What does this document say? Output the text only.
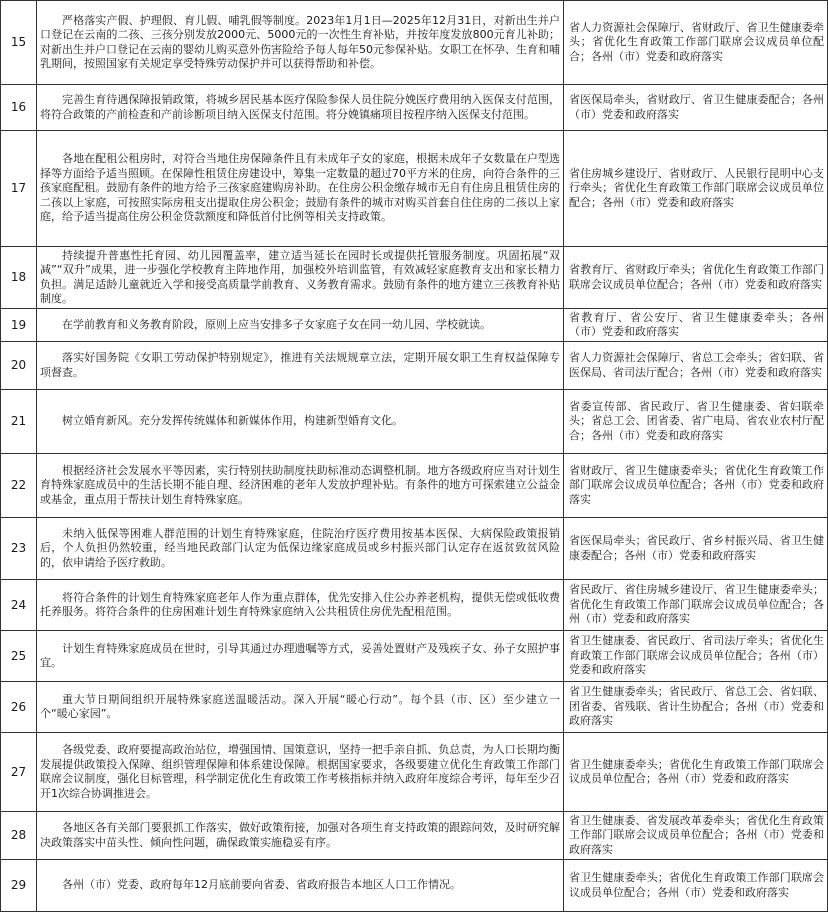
15	严格落实产假、护理假、育儿假、哺乳假等制度。2023年1月1日—2025年12月31日，对新出生并户口登记在云南的二孩、三孩分别发放2000元、5000元的一次性生育补贴，并按年度发放800元育儿补助；对新出生并户口登记在云南的婴幼儿购买意外伤害险给予每人每年50元参保补贴。女职工在怀孕、生育和哺乳期间，按照国家有关规定享受特殊劳动保护并可以获得帮助和补偿。	省人力资源社会保障厅、省财政厅、省卫生健康委牵头；省优化生育政策工作部门联席会议成员单位配合；各州（市）党委和政府落实
16	完善生育待遇保障报销政策，将城乡居民基本医疗保险参保人员住院分娩医疗费用纳入医保支付范围，将符合政策的产前检查和产前诊断项目纳入医保支付范围。将分娩镇痛项目按程序纳入医保支付范围。	省医保局牵头，省财政厅、省卫生健康委配合；各州（市）党委和政府落实
17	各地在配租公租房时，对符合当地住房保障条件且有未成年子女的家庭，根据未成年子女数量在户型选择等方面给予适当照顾。在保障性租赁住房建设中，筹集一定数量的超过70平方米的住房，向符合条件的三孩家庭配租。鼓励有条件的地方给予三孩家庭建购房补助。在住房公积金缴存城市无自有住房且租赁住房的二孩以上家庭，可按照实际房租支出提取住房公积金；鼓励有条件的城市对购买首套自住住房的二孩以上家庭，给予适当提高住房公积金贷款额度和降低首付比例等相关支持政策。	省住房城乡建设厅、省财政厅、人民银行昆明中心支行牵头；省优化生育政策工作部门联席会议成员单位配合；各州（市）党委和政府落实
18	持续提升普惠性托育园、幼儿园覆盖率，建立适当延长在园时长或提供托管服务制度。巩固拓展“双减”“双升”成果，进一步强化学校教育主阵地作用，加强校外培训监管，有效减轻家庭教育支出和家长精力负担。满足适龄儿童就近入学和接受高质量学前教育、义务教育需求。鼓励有条件的地方建立三孩教育补贴制度。	省教育厅、省财政厅牵头；省优化生育政策工作部门联席会议成员单位配合；各州（市）党委和政府落实
19	在学前教育和义务教育阶段，原则上应当安排多子女家庭子女在同一幼儿园、学校就读。	省教育厅、省公安厅、省卫生健康委牵头；各州（市）党委和政府落实
20	落实好国务院《女职工劳动保护特别规定》，推进有关法规规章立法，定期开展女职工生育权益保障专项督查。	省人力资源社会保障厅、省总工会牵头；省妇联、省医保局、省司法厅配合；各州（市）党委和政府落实
21	树立婚育新风。充分发挥传统媒体和新媒体作用，构建新型婚育文化。	省委宣传部、省民政厅、省卫生健康委、省妇联牵头；省总工会、团省委、省广电局、省农业农村厅配合；各州（市）党委和政府落实
22	根据经济社会发展水平等因素，实行特别扶助制度扶助标准动态调整机制。地方各级政府应当对计划生育特殊家庭成员中的生活长期不能自理、经济困难的老年人发放护理补贴。有条件的地方可探索建立公益金或基金，重点用于帮扶计划生育特殊家庭。	省财政厅、省卫生健康委牵头；省优化生育政策工作部门联席会议成员单位配合；各州（市）党委和政府落实
23	未纳入低保等困难人群范围的计划生育特殊家庭，住院治疗医疗费用按基本医保、大病保险政策报销后，个人负担仍然较重，经当地民政部门认定为低保边缘家庭成员或乡村振兴部门认定存在返贫致贫风险的，依申请给予医疗救助。	省医保局牵头；省民政厅、省乡村振兴局、省卫生健康委配合；各州（市）党委和政府落实
24	将符合条件的计划生育特殊家庭老年人作为重点群体，优先安排入住公办养老机构，提供无偿或低收费托养服务。将符合条件的住房困难计划生育特殊家庭纳入公共租赁住房优先配租范围。	省民政厅、省住房城乡建设厅、省卫生健康委牵头；省优化生育政策工作部门联席会议成员单位配合；各州（市）党委和政府落实
25	计划生育特殊家庭成员在世时，引导其通过办理遗嘱等方式，妥善处置财产及残疾子女、孙子女照护事宜。	省卫生健康委、省民政厅、省司法厅牵头；省优化生育政策工作部门联席会议成员单位配合；各州（市）党委和政府落实
26	重大节日期间组织开展特殊家庭送温暖活动。深入开展“暖心行动”。每个县（市、区）至少建立一个“暖心家园”。	省卫生健康委牵头；省民政厅、省总工会、省妇联、团省委、省残联、省计生协配合；各州（市）党委和政府落实
27	各级党委、政府要提高政治站位，增强国情、国策意识，坚持一把手亲自抓、负总责，为人口长期均衡发展提供政策投入保障、组织管理保障和体系建设保障。根据国家要求，各级要建立优化生育政策工作部门联席会议制度，强化目标管理，科学制定优化生育政策工作考核指标并纳入政府年度综合考评，每年至少召开1次综合协调推进会。	省卫生健康委牵头；省优化生育政策工作部门联席会议成员单位配合；各州（市）党委和政府落实
28	各地区各有关部门要狠抓工作落实，做好政策衔接，加强对各项生育支持政策的跟踪问效，及时研究解决政策落实中苗头性、倾向性问题，确保政策实施稳妥有序。	省卫生健康委、省发展改革委牵头；省优化生育政策工作部门联席会议成员单位配合；各州（市）党委和政府落实
29	各州（市）党委、政府每年12月底前要向省委、省政府报告本地区人口工作情况。	省卫生健康委牵头；省优化生育政策工作部门联席会议成员单位配合；各州（市）党委和政府落实
